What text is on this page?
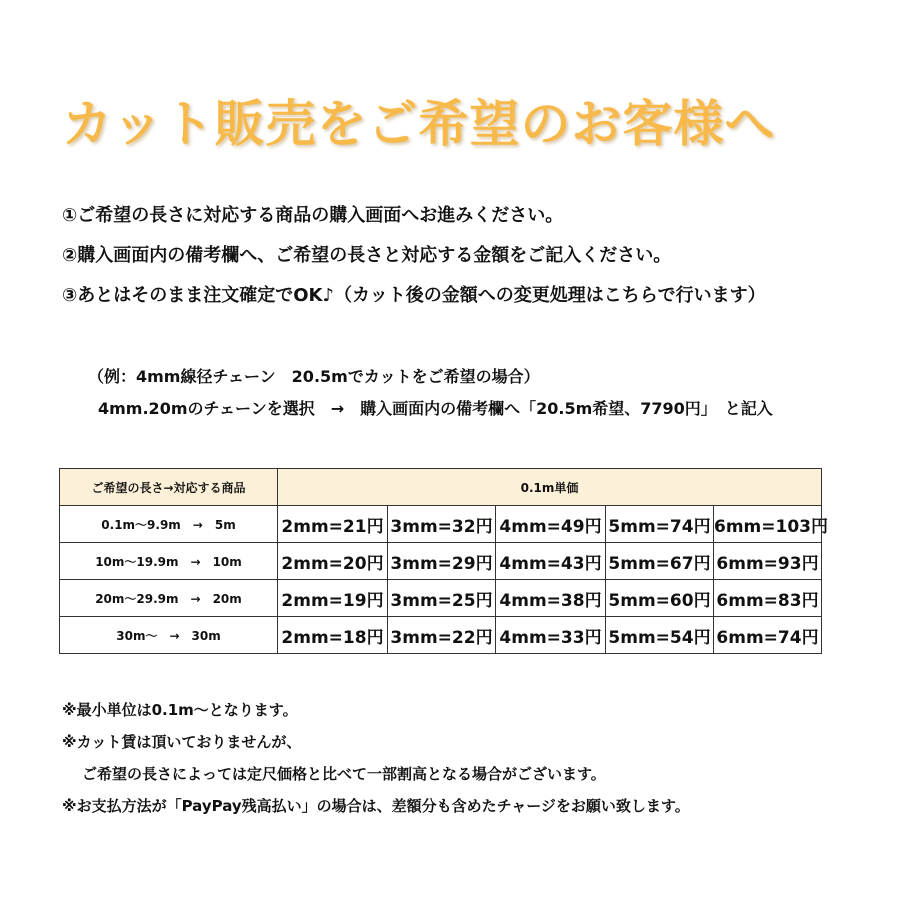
カット販売をご希望のお客様へ
①ご希望の長さに対応する商品の購入画面へお進みください。
②購入画面内の備考欄へ、ご希望の長さと対応する金額をご記入ください。
③あとはそのまま注文確定でOK♪（カット後の金額への変更処理はこちらで行います）
（例：4mm線径チェーン　20.5mでカットをご希望の場合）
4mm.20mのチェーンを選択　→　購入画面内の備考欄へ「20.5m希望、7790円」　と記入
ご希望の長さ→対応する商品	0.1m単価				
0.1m～9.9m　→　5m	2mm=21円	3mm=32円	4mm=49円	5mm=74円	6mm=103円
10m～19.9m　→　10m	2mm=20円	3mm=29円	4mm=43円	5mm=67円	6mm=93円
20m～29.9m　→　20m	2mm=19円	3mm=25円	4mm=38円	5mm=60円	6mm=83円
30m～　→　30m	2mm=18円	3mm=22円	4mm=33円	5mm=54円	6mm=74円
※最小単位は0.1m～となります。
※カット賃は頂いておりませんが、
ご希望の長さによっては定尺価格と比べて一部割高となる場合がございます。
※お支払方法が「PayPay残高払い」の場合は、差額分も含めたチャージをお願い致します。
